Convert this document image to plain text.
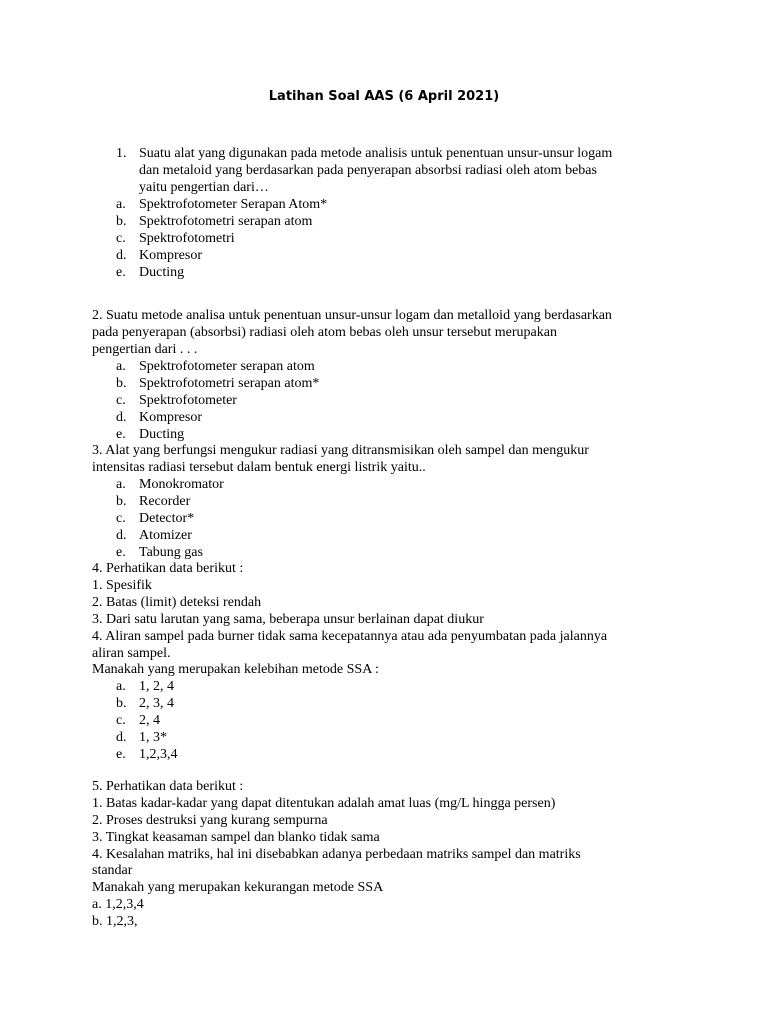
Latihan Soal AAS (6 April 2021)
1. Suatu alat yang digunakan pada metode analisis untuk penentuan unsur-unsur logam
dan metaloid yang berdasarkan pada penyerapan absorbsi radiasi oleh atom bebas
yaitu pengertian dari…
a. Spektrofotometer Serapan Atom*
b. Spektrofotometri serapan atom
c. Spektrofotometri
d. Kompresor
e. Ducting
2. Suatu metode analisa untuk penentuan unsur-unsur logam dan metalloid yang berdasarkan
pada penyerapan (absorbsi) radiasi oleh atom bebas oleh unsur tersebut merupakan
pengertian dari . . .
a. Spektrofotometer serapan atom
b. Spektrofotometri serapan atom*
c. Spektrofotometer
d. Kompresor
e. Ducting
3. Alat yang berfungsi mengukur radiasi yang ditransmisikan oleh sampel dan mengukur
intensitas radiasi tersebut dalam bentuk energi listrik yaitu..
a. Monokromator
b. Recorder
c. Detector*
d. Atomizer
e. Tabung gas
4. Perhatikan data berikut :
1. Spesifik
2. Batas (limit) deteksi rendah
3. Dari satu larutan yang sama, beberapa unsur berlainan dapat diukur
4. Aliran sampel pada burner tidak sama kecepatannya atau ada penyumbatan pada jalannya
aliran sampel.
Manakah yang merupakan kelebihan metode SSA :
a. 1, 2, 4
b. 2, 3, 4
c. 2, 4
d. 1, 3*
e. 1,2,3,4
5. Perhatikan data berikut :
1. Batas kadar-kadar yang dapat ditentukan adalah amat luas (mg/L hingga persen)
2. Proses destruksi yang kurang sempurna
3. Tingkat keasaman sampel dan blanko tidak sama
4. Kesalahan matriks, hal ini disebabkan adanya perbedaan matriks sampel dan matriks
standar
Manakah yang merupakan kekurangan metode SSA
a. 1,2,3,4
b. 1,2,3,
